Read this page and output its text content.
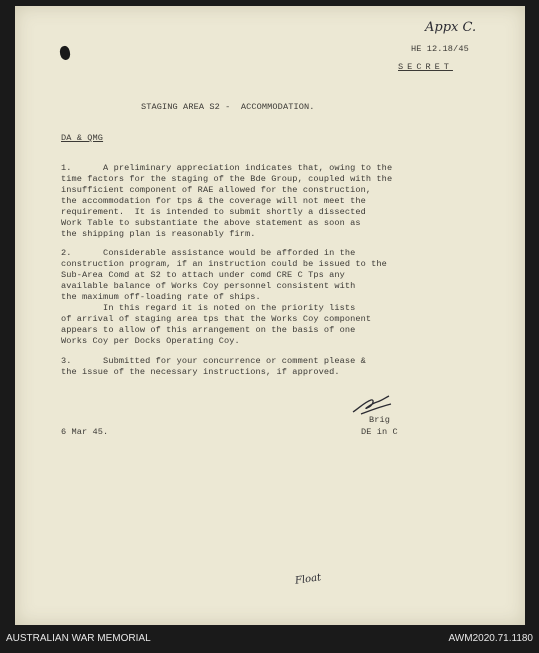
Appx C.
HE 12.18/45
SECRET
STAGING AREA S2 -  ACCOMMODATION.
DA & QMG
1.      A preliminary appreciation indicates that, owing to the
time factors for the staging of the Bde Group, coupled with the
insufficient component of RAE allowed for the construction,
the accommodation for tps & the coverage will not meet the
requirement.  It is intended to submit shortly a dissected
Work Table to substantiate the above statement as soon as
the shipping plan is reasonably firm.
2.      Considerable assistance would be afforded in the
construction program, if an instruction could be issued to the
Sub-Area Comd at S2 to attach under comd CRE C Tps any
available balance of Works Coy personnel consistent with
the maximum off-loading rate of ships.
In this regard it is noted on the priority lists
of arrival of staging area tps that the Works Coy component
appears to allow of this arrangement on the basis of one
Works Coy per Docks Operating Coy.
3.      Submitted for your concurrence or comment please &
the issue of the necessary instructions, if approved.
Brig
DE in C
6 Mar 45.
Float
AUSTRALIAN WAR MEMORIAL	AWM2020.71.1180
